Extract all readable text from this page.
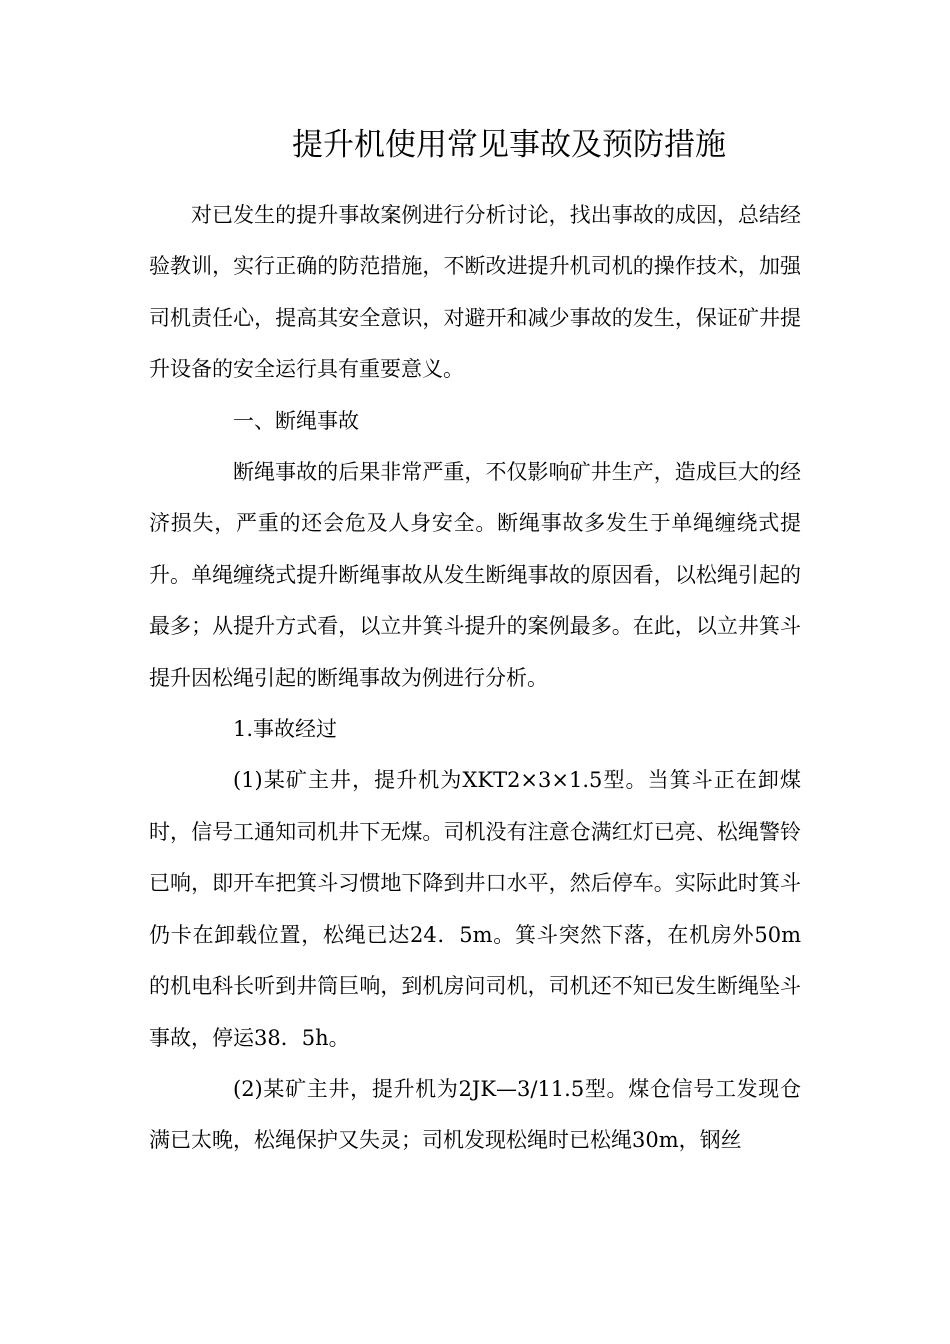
提升机使用常见事故及预防措施

对已发生的提升事故案例进行分析讨论，找出事故的成因，总结经验教训，实行正确的防范措施，不断改进提升机司机的操作技术，加强司机责任心，提高其安全意识，对避开和减少事故的发生，保证矿井提升设备的安全运行具有重要意义。

一、断绳事故

断绳事故的后果非常严重，不仅影响矿井生产，造成巨大的经济损失，严重的还会危及人身安全。断绳事故多发生于单绳缠绕式提升。单绳缠绕式提升断绳事故从发生断绳事故的原因看，以松绳引起的最多；从提升方式看，以立井箕斗提升的案例最多。在此，以立井箕斗提升因松绳引起的断绳事故为例进行分析。

1.事故经过

(1)某矿主井，提升机为XKT2×3×1.5型。当箕斗正在卸煤时，信号工通知司机井下无煤。司机没有注意仓满红灯已亮、松绳警铃已响，即开车把箕斗习惯地下降到井口水平，然后停车。实际此时箕斗仍卡在卸载位置，松绳已达24．5m。箕斗突然下落，在机房外50m的机电科长听到井筒巨响，到机房问司机，司机还不知已发生断绳坠斗事故，停运38．5h。

(2)某矿主井，提升机为2JK—3/11.5型。煤仓信号工发现仓满已太晚，松绳保护又失灵；司机发现松绳时已松绳30m，钢丝
